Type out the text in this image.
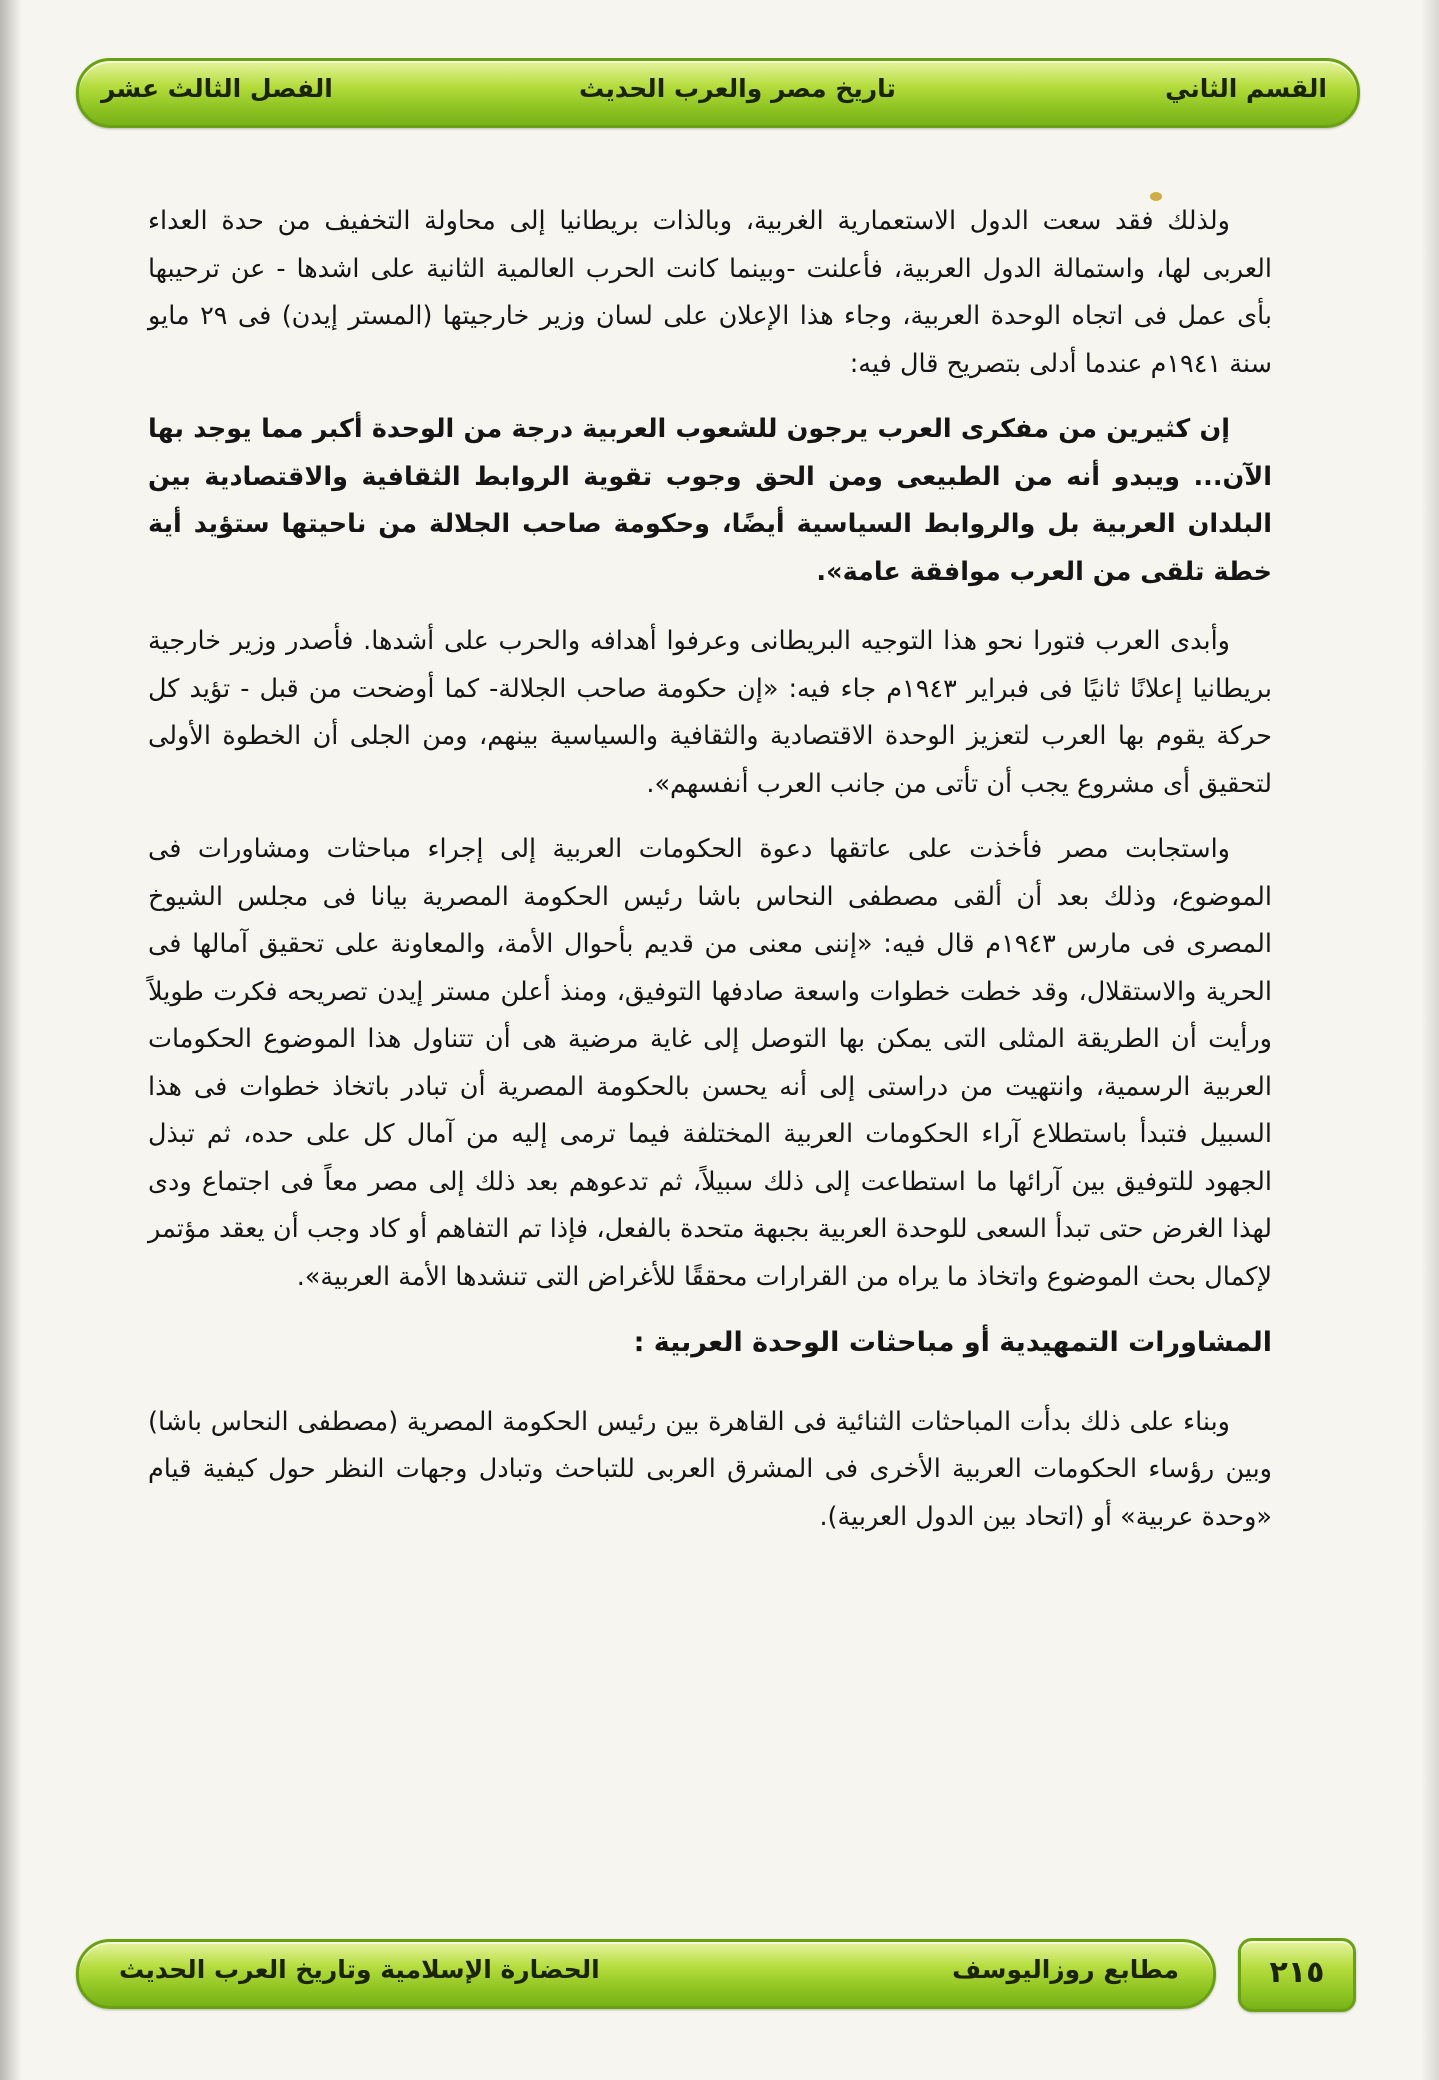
القسم الثاني
تاريخ مصر والعرب الحديث
الفصل الثالث عشر

ولذلك فقد سعت الدول الاستعمارية الغربية، وبالذات بريطانيا إلى محاولة التخفيف من حدة العداء العربى لها، واستمالة الدول العربية، فأعلنت -وبينما كانت الحرب العالمية الثانية على اشدها - عن ترحيبها بأى عمل فى اتجاه الوحدة العربية، وجاء هذا الإعلان على لسان وزير خارجيتها (المستر إيدن) فى ٢٩ مايو سنة ١٩٤١م عندما أدلى بتصريح قال فيه:

إن كثيرين من مفكرى العرب يرجون للشعوب العربية درجة من الوحدة أكبر مما يوجد بها الآن... ويبدو أنه من الطبيعى ومن الحق وجوب تقوية الروابط الثقافية والاقتصادية بين البلدان العربية بل والروابط السياسية أيضًا، وحكومة صاحب الجلالة من ناحيتها ستؤيد أية خطة تلقى من العرب موافقة عامة».

وأبدى العرب فتورا نحو هذا التوجيه البريطانى وعرفوا أهدافه والحرب على أشدها. فأصدر وزير خارجية بريطانيا إعلانًا ثانيًا فى فبراير ١٩٤٣م جاء فيه: «إن حكومة صاحب الجلالة- كما أوضحت من قبل - تؤيد كل حركة يقوم بها العرب لتعزيز الوحدة الاقتصادية والثقافية والسياسية بينهم، ومن الجلى أن الخطوة الأولى لتحقيق أى مشروع يجب أن تأتى من جانب العرب أنفسهم».

واستجابت مصر فأخذت على عاتقها دعوة الحكومات العربية إلى إجراء مباحثات ومشاورات فى الموضوع، وذلك بعد أن ألقى مصطفى النحاس باشا رئيس الحكومة المصرية بيانا فى مجلس الشيوخ المصرى فى مارس ١٩٤٣م قال فيه: «إننى معنى من قديم بأحوال الأمة، والمعاونة على تحقيق آمالها فى الحرية والاستقلال، وقد خطت خطوات واسعة صادفها التوفيق، ومنذ أعلن مستر إيدن تصريحه فكرت طويلاً ورأيت أن الطريقة المثلى التى يمكن بها التوصل إلى غاية مرضية هى أن تتناول هذا الموضوع الحكومات العربية الرسمية، وانتهيت من دراستى إلى أنه يحسن بالحكومة المصرية أن تبادر باتخاذ خطوات فى هذا السبيل فتبدأ باستطلاع آراء الحكومات العربية المختلفة فيما ترمى إليه من آمال كل على حده، ثم تبذل الجهود للتوفيق بين آرائها ما استطاعت إلى ذلك سبيلاً، ثم تدعوهم بعد ذلك إلى مصر معاً فى اجتماع ودى لهذا الغرض حتى تبدأ السعى للوحدة العربية بجبهة متحدة بالفعل، فإذا تم التفاهم أو كاد وجب أن يعقد مؤتمر لإكمال بحث الموضوع واتخاذ ما يراه من القرارات محققًا للأغراض التى تنشدها الأمة العربية».

المشاورات التمهيدية أو مباحثات الوحدة العربية :

وبناء على ذلك بدأت المباحثات الثنائية فى القاهرة بين رئيس الحكومة المصرية (مصطفى النحاس باشا) وبين رؤساء الحكومات العربية الأخرى فى المشرق العربى للتباحث وتبادل وجهات النظر حول كيفية قيام «وحدة عربية» أو (اتحاد بين الدول العربية).

٢١٥
مطابع روزاليوسف
الحضارة الإسلامية وتاريخ العرب الحديث
